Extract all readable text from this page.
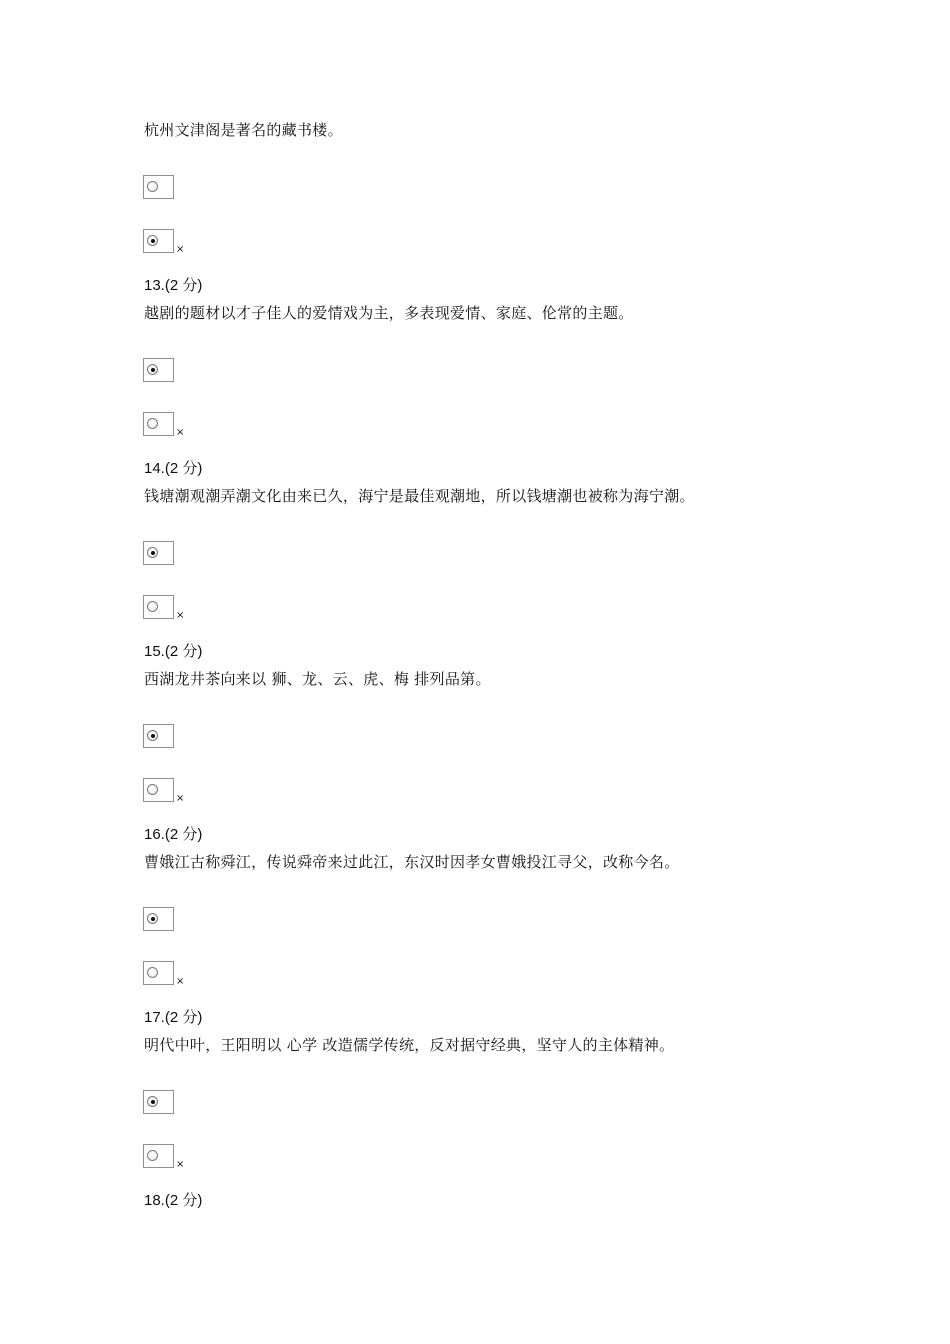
杭州文津阁是著名的藏书楼。
×
13.(2 分)
越剧的题材以才子佳人的爱情戏为主，多表现爱情、家庭、伦常的主题。
×
14.(2 分)
钱塘潮观潮弄潮文化由来已久，海宁是最佳观潮地，所以钱塘潮也被称为海宁潮。
×
15.(2 分)
西湖龙井茶向来以 狮、龙、云、虎、梅 排列品第。
×
16.(2 分)
曹娥江古称舜江，传说舜帝来过此江，东汉时因孝女曹娥投江寻父，改称今名。
×
17.(2 分)
明代中叶，王阳明以 心学 改造儒学传统，反对据守经典，坚守人的主体精神。
×
18.(2 分)
